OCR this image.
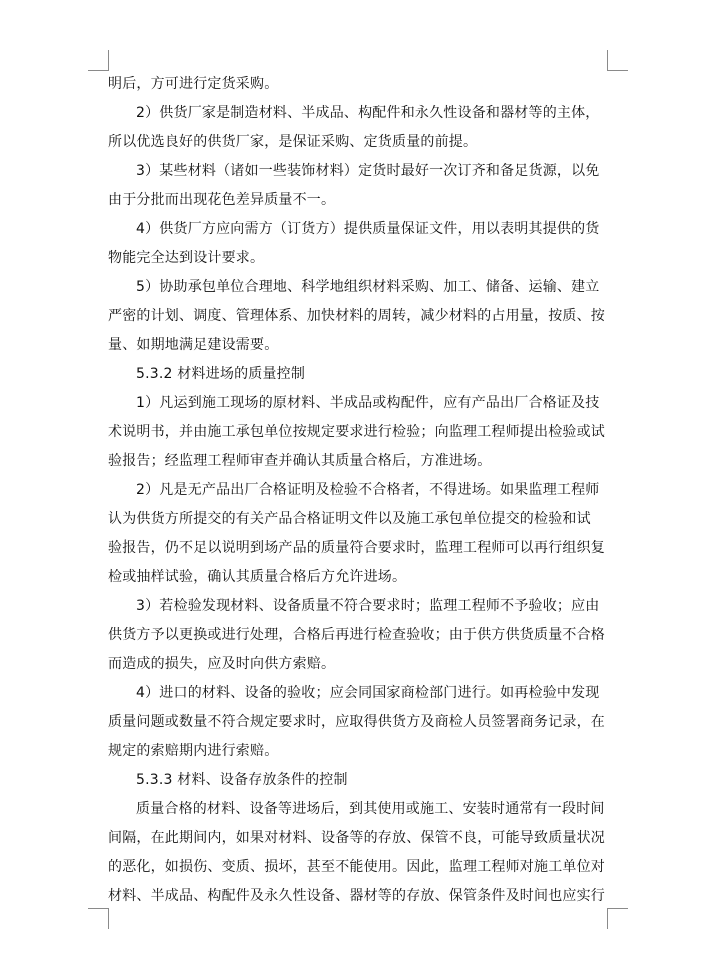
明后，方可进行定货采购。
2）供货厂家是制造材料、半成品、构配件和永久性设备和器材等的主体，
所以优选良好的供货厂家，是保证采购、定货质量的前提。
3）某些材料（诸如一些装饰材料）定货时最好一次订齐和备足货源，以免
由于分批而出现花色差异质量不一。
4）供货厂方应向需方（订货方）提供质量保证文件，用以表明其提供的货
物能完全达到设计要求。
5）协助承包单位合理地、科学地组织材料采购、加工、储备、运输、建立
严密的计划、调度、管理体系、加快材料的周转，减少材料的占用量，按质、按
量、如期地满足建设需要。
5.3.2 材料进场的质量控制
1）凡运到施工现场的原材料、半成品或构配件，应有产品出厂合格证及技
术说明书，并由施工承包单位按规定要求进行检验；向监理工程师提出检验或试
验报告；经监理工程师审查并确认其质量合格后，方准进场。
2）凡是无产品出厂合格证明及检验不合格者，不得进场。如果监理工程师
认为供货方所提交的有关产品合格证明文件以及施工承包单位提交的检验和试
验报告，仍不足以说明到场产品的质量符合要求时，监理工程师可以再行组织复
检或抽样试验，确认其质量合格后方允许进场。
3）若检验发现材料、设备质量不符合要求时；监理工程师不予验收；应由
供货方予以更换或进行处理，合格后再进行检查验收；由于供方供货质量不合格
而造成的损失，应及时向供方索赔。
4）进口的材料、设备的验收；应会同国家商检部门进行。如再检验中发现
质量问题或数量不符合规定要求时，应取得供货方及商检人员签署商务记录，在
规定的索赔期内进行索赔。
5.3.3 材料、设备存放条件的控制
质量合格的材料、设备等进场后，到其使用或施工、安装时通常有一段时间
间隔，在此期间内，如果对材料、设备等的存放、保管不良，可能导致质量状况
的恶化，如损伤、变质、损坏，甚至不能使用。因此，监理工程师对施工单位对
材料、半成品、构配件及永久性设备、器材等的存放、保管条件及时间也应实行
